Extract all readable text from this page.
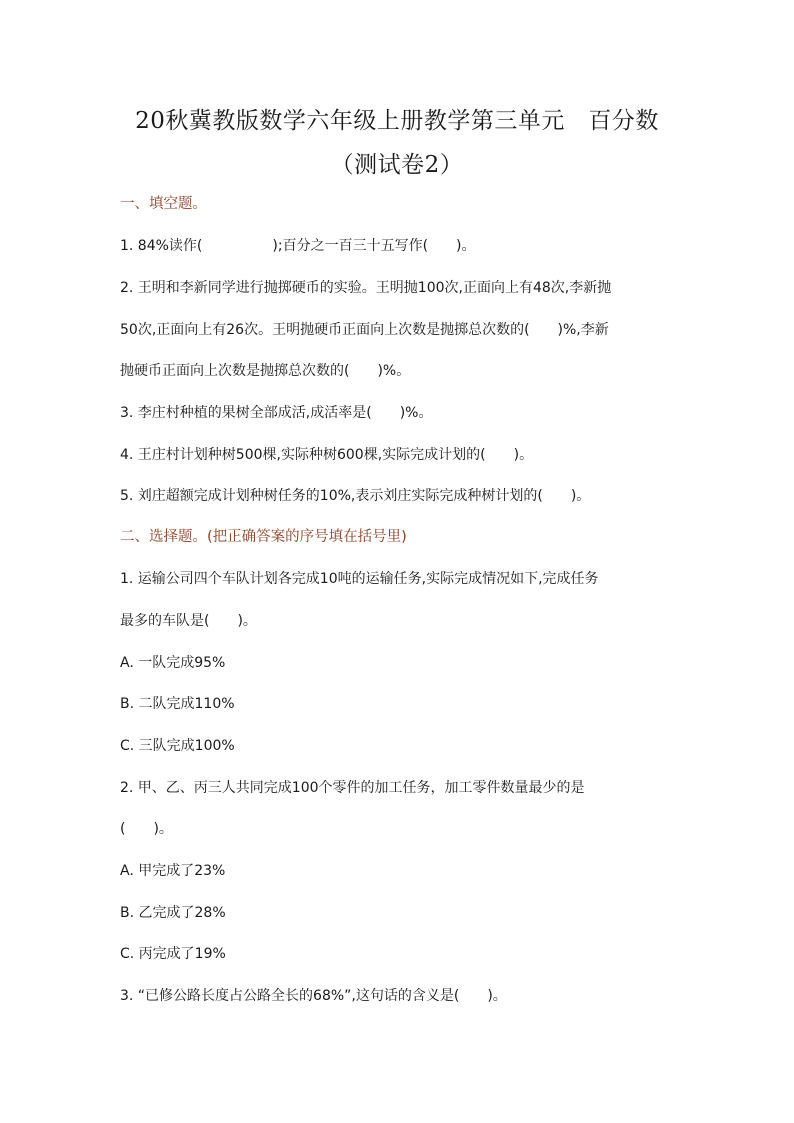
20秋冀教版数学六年级上册教学第三单元　百分数
（测试卷2）
一、填空题。
1. 84%读作(　　　　　);百分之一百三十五写作(　　)。
2. 王明和李新同学进行抛掷硬币的实验。王明抛100次,正面向上有48次,李新抛
50次,正面向上有26次。王明抛硬币正面向上次数是抛掷总次数的(　　)%,李新
抛硬币正面向上次数是抛掷总次数的(　　)%。
3. 李庄村种植的果树全部成活,成活率是(　　)%。
4. 王庄村计划种树500棵,实际种树600棵,实际完成计划的(　　)。
5. 刘庄超额完成计划种树任务的10%,表示刘庄实际完成种树计划的(　　)。
二、选择题。(把正确答案的序号填在括号里)
1. 运输公司四个车队计划各完成10吨的运输任务,实际完成情况如下,完成任务
最多的车队是(　　)。
A. 一队完成95%
B. 二队完成110%
C. 三队完成100%
2. 甲、乙、丙三人共同完成100个零件的加工任务，加工零件数量最少的是
(　　)。
A. 甲完成了23%
B. 乙完成了28%
C. 丙完成了19%
3. “已修公路长度占公路全长的68%”,这句话的含义是(　　)。
